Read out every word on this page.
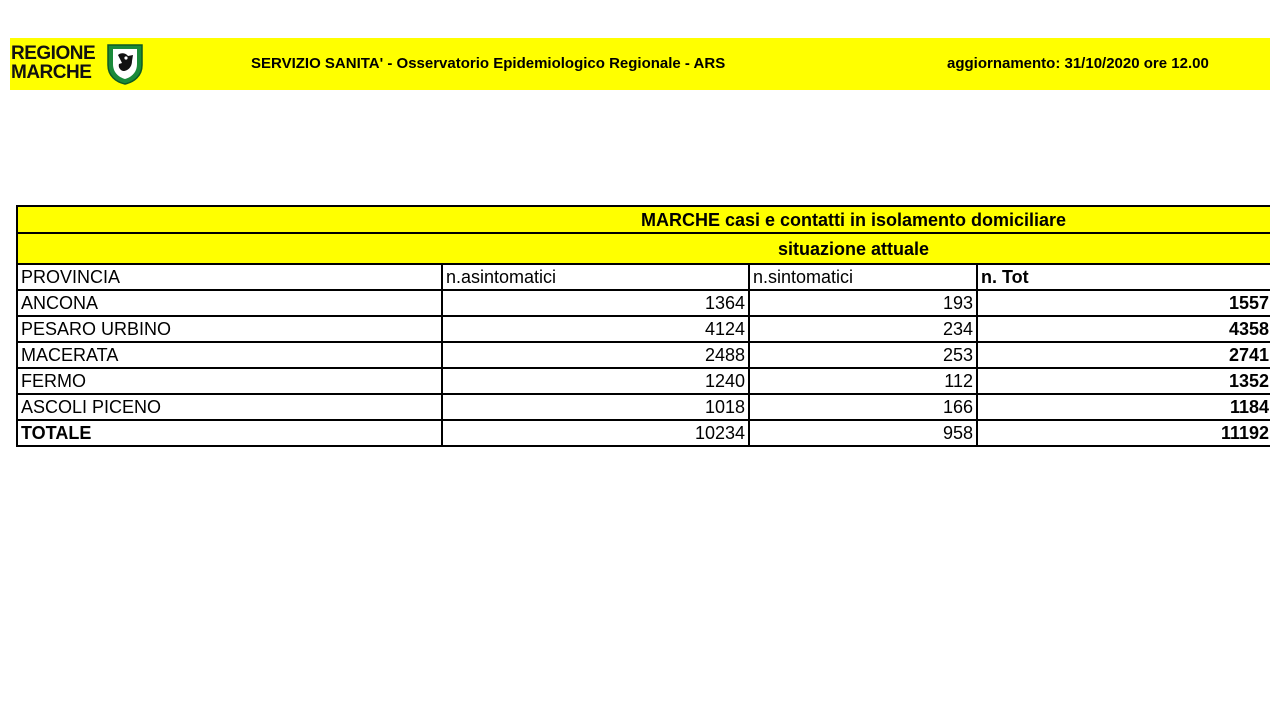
REGIONE
MARCHE	SERVIZIO SANITA' - Osservatorio Epidemiologico Regionale - ARS	aggiornamento: 31/10/2020 ore 12.00
MARCHE casi e contatti in isolamento domiciliare			
situazione attuale			
PROVINCIA	n.asintomatici	n.sintomatici	n. Tot
ANCONA	1364	193	1557
PESARO URBINO	4124	234	4358
MACERATA	2488	253	2741
FERMO	1240	112	1352
ASCOLI PICENO	1018	166	1184
TOTALE	10234	958	11192
